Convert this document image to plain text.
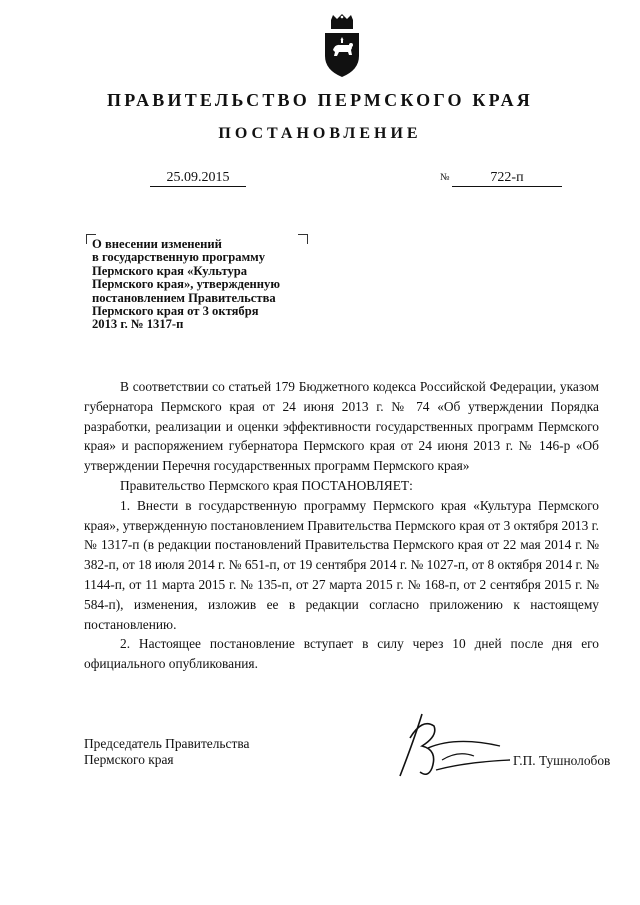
ПРАВИТЕЛЬСТВО ПЕРМСКОГО КРАЯ
ПОСТАНОВЛЕНИЕ
25.09.2015	№	722-п
О внесении изменений
в государственную программу
Пермского края «Культура
Пермского края», утвержденную
постановлением Правительства
Пермского края от 3 октября
2013 г. № 1317-п

В соответствии со статьей 179 Бюджетного кодекса Российской Федерации, указом губернатора Пермского края от 24 июня 2013 г. № 74 «Об утверждении Порядка разработки, реализации и оценки эффективности государственных программ Пермского края» и распоряжением губернатора Пермского края от 24 июня 2013 г. № 146-р «Об утверждении Перечня государственных программ Пермского края»

Правительство Пермского края ПОСТАНОВЛЯЕТ:

1. Внести в государственную программу Пермского края «Культура Пермского края», утвержденную постановлением Правительства Пермского края от 3 октября 2013 г. № 1317-п (в редакции постановлений Правительства Пермского края от 22 мая 2014 г. № 382-п, от 18 июля 2014 г. № 651-п, от 19 сентября 2014 г. № 1027-п, от 8 октября 2014 г. № 1144-п, от 11 марта 2015 г. № 135-п, от 27 марта 2015 г. № 168-п, от 2 сентября 2015 г. № 584-п), изменения, изложив ее в редакции согласно приложению к настоящему постановлению.

2. Настоящее постановление вступает в силу через 10 дней после дня его официального опубликования.

Председатель Правительства
Пермского края	Г.П. Тушнолобов
